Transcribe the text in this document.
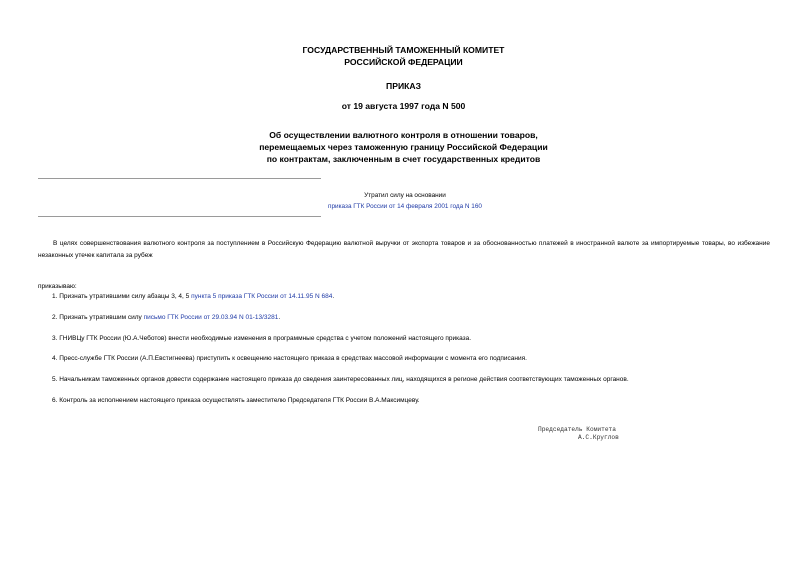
ГОСУДАРСТВЕННЫЙ ТАМОЖЕННЫЙ КОМИТЕТ
РОССИЙСКОЙ ФЕДЕРАЦИИ
ПРИКАЗ
от 19 августа 1997 года N 500
Об осуществлении валютного контроля в отношении товаров,
перемещаемых через таможенную границу Российской Федерации
по контрактам, заключенным в счет государственных кредитов
Утратил силу на основании
приказа ГТК России от 14 февраля 2001 года N 160
В целях совершенствования валютного контроля за поступлением в Российскую Федерацию валютной выручки от экспорта товаров и за обоснованностью платежей в иностранной валюте за импортируемые товары, во избежание незаконных утечек капитала за рубеж
приказываю:
1. Признать утратившими силу абзацы 3, 4, 5 пункта 5 приказа ГТК России от 14.11.95 N 684.
2. Признать утратившим силу письмо ГТК России от 29.03.94 N 01-13/3281.
3. ГНИВЦу ГТК России (Ю.А.Чеботов) внести необходимые изменения в программные средства с учетом положений настоящего приказа.
4. Пресс-службе ГТК России (А.П.Евстигнеева) приступить к освещению настоящего приказа в средствах массовой информации с момента его подписания.
5. Начальникам таможенных органов довести содержание настоящего приказа до сведения заинтересованных лиц, находящихся в регионе действия соответствующих таможенных органов.
6. Контроль за исполнением настоящего приказа осуществлять заместителю Председателя ГТК России В.А.Максимцеву.
Председатель Комитета
А.С.Круглов
